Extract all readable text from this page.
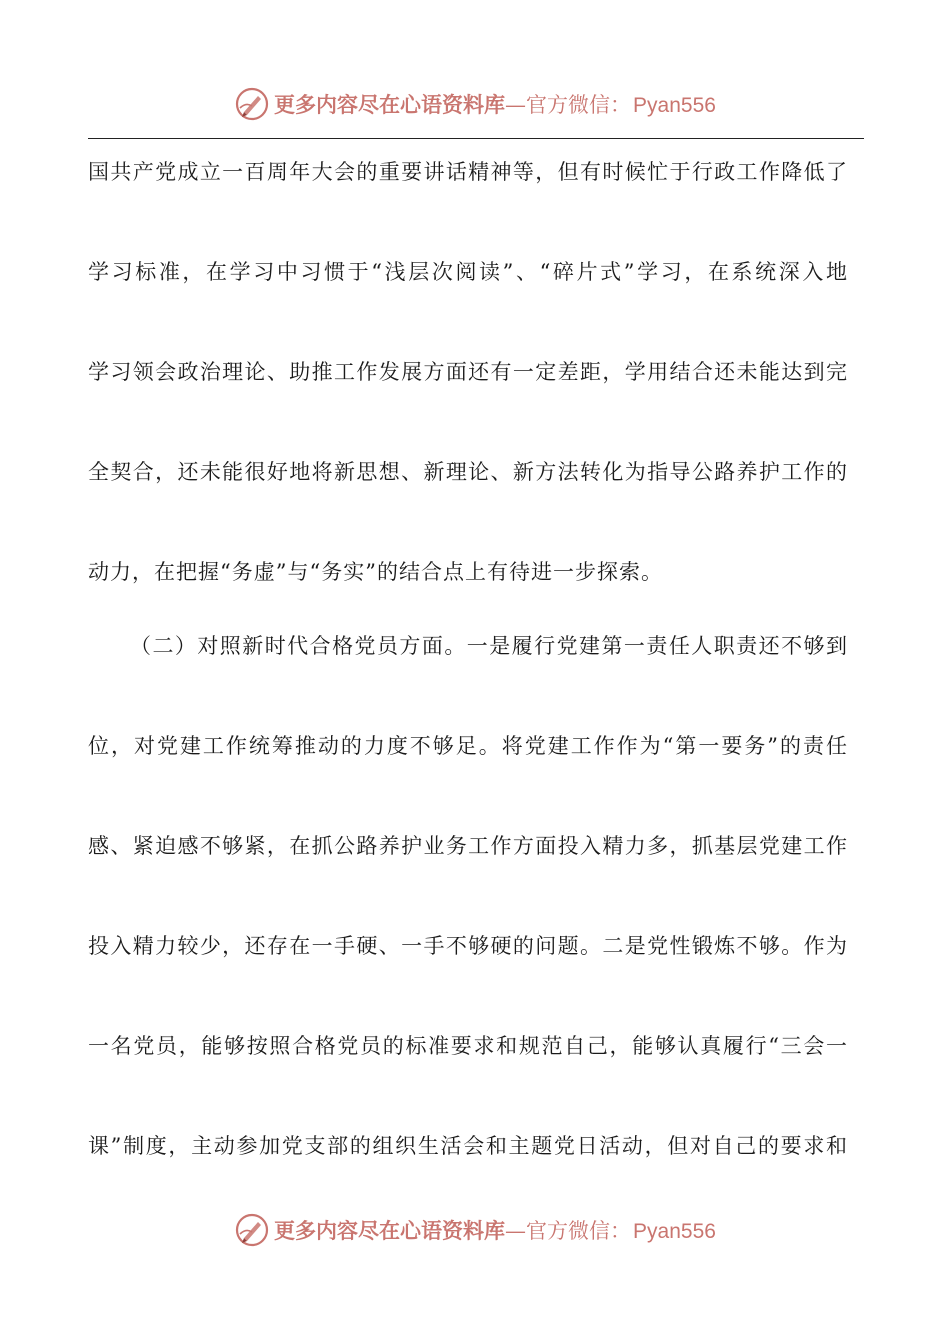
更多内容尽在心语资料库 — 官方微信： Pyan556
国共产党成立一百周年大会的重要讲话精神等，但有时候忙于行政工作降低了
学习标准，在学习中习惯于“浅层次阅读”、“碎片式”学习，在系统深入地
学习领会政治理论、助推工作发展方面还有一定差距，学用结合还未能达到完
全契合，还未能很好地将新思想、新理论、新方法转化为指导公路养护工作的
动力，在把握“务虚”与“务实”的结合点上有待进一步探索。
（二）对照新时代合格党员方面。一是履行党建第一责任人职责还不够到
位，对党建工作统筹推动的力度不够足。将党建工作作为“第一要务”的责任
感、紧迫感不够紧，在抓公路养护业务工作方面投入精力多，抓基层党建工作
投入精力较少，还存在一手硬、一手不够硬的问题。二是党性锻炼不够。作为
一名党员，能够按照合格党员的标准要求和规范自己，能够认真履行“三会一
课”制度，主动参加党支部的组织生活会和主题党日活动，但对自己的要求和
更多内容尽在心语资料库 — 官方微信： Pyan556
